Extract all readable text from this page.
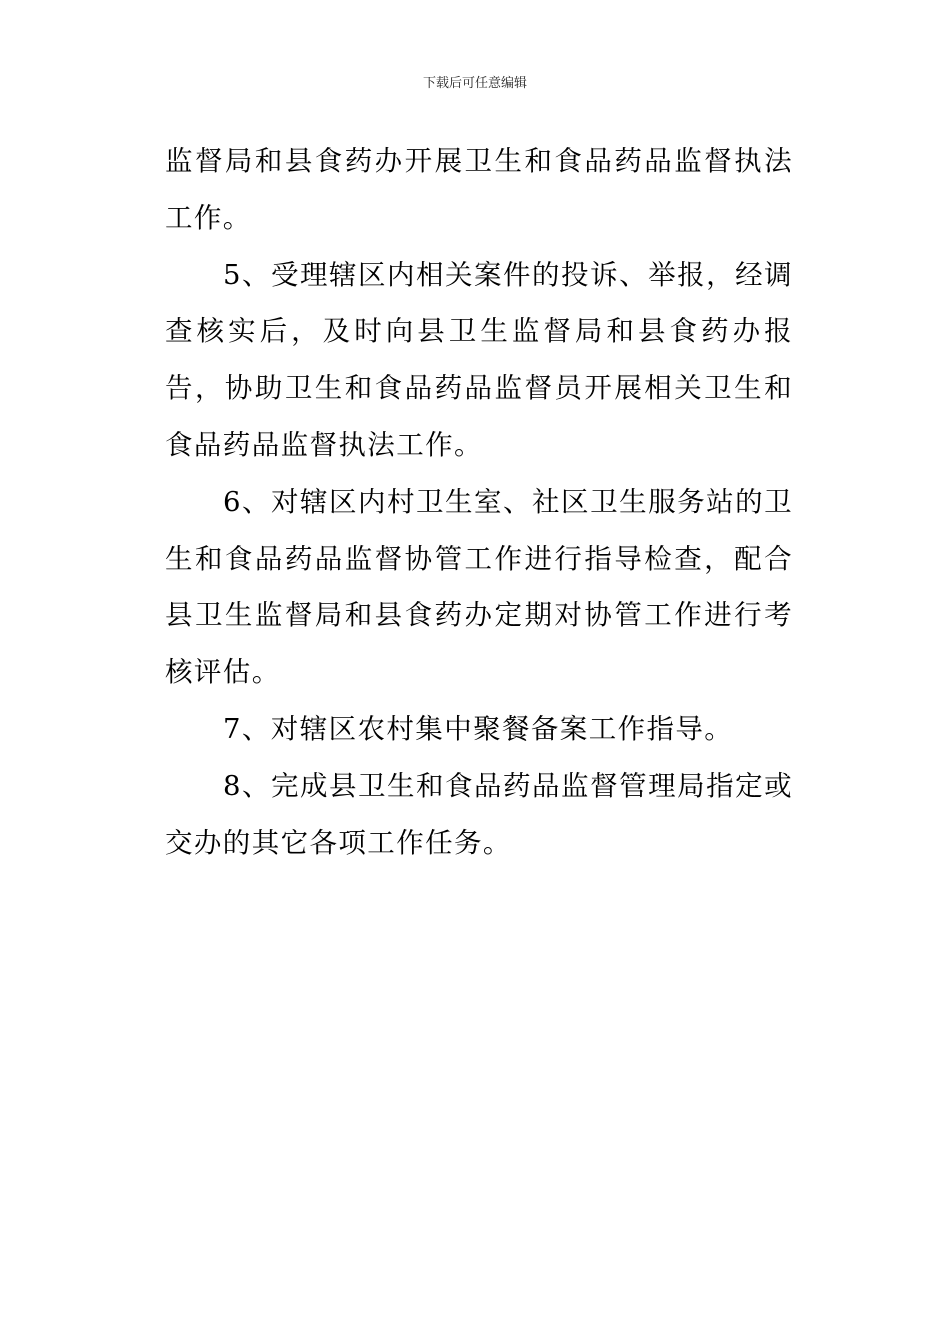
下载后可任意编辑

监督局和县食药办开展卫生和食品药品监督执法工作。

5、受理辖区内相关案件的投诉、举报，经调查核实后，及时向县卫生监督局和县食药办报告，协助卫生和食品药品监督员开展相关卫生和食品药品监督执法工作。

6、对辖区内村卫生室、社区卫生服务站的卫生和食品药品监督协管工作进行指导检查，配合县卫生监督局和县食药办定期对协管工作进行考核评估。

7、对辖区农村集中聚餐备案工作指导。

8、完成县卫生和食品药品监督管理局指定或交办的其它各项工作任务。
